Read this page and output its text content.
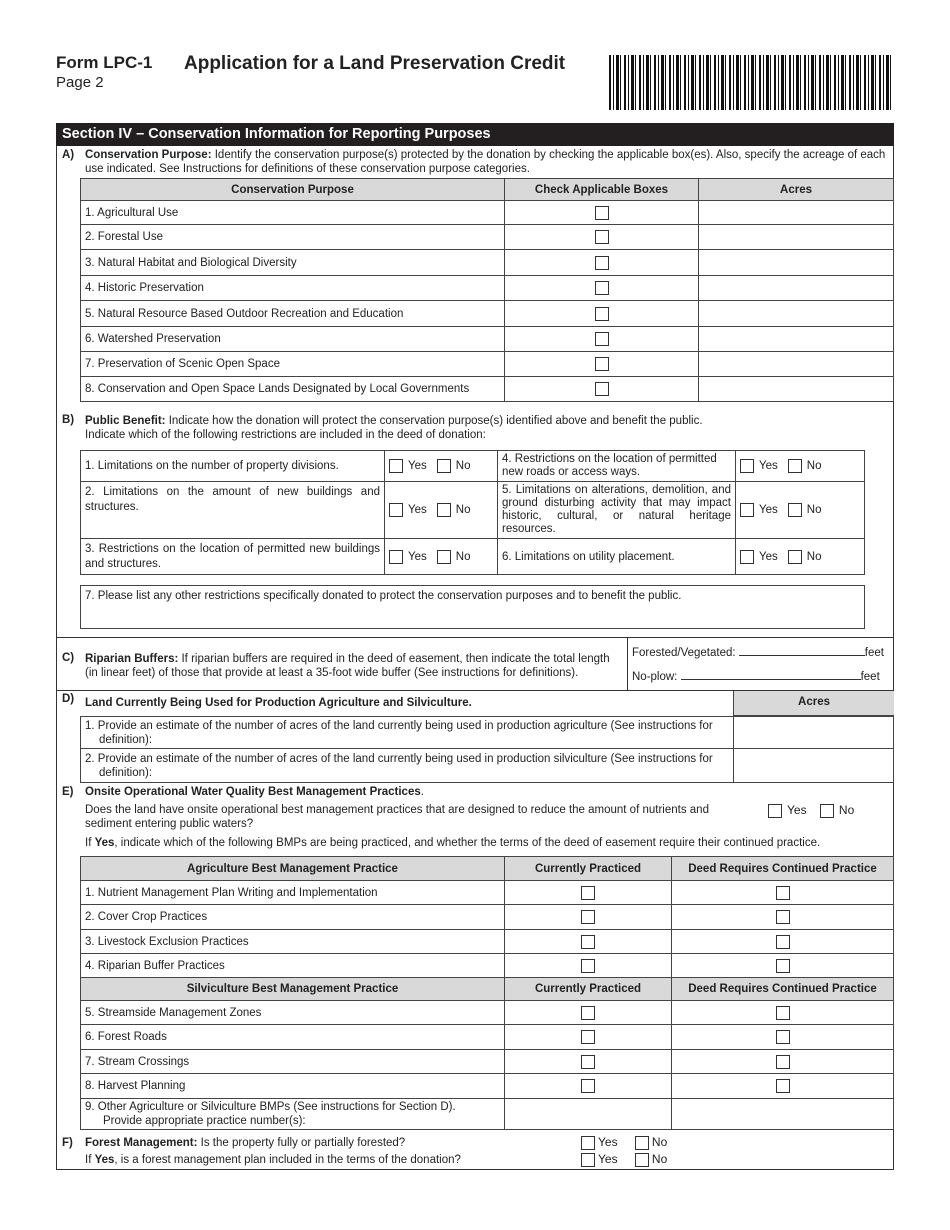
Form LPC-1
Page 2
Application for a Land Preservation Credit
Section IV – Conservation Information for Reporting Purposes
A) Conservation Purpose: Identify the conservation purpose(s) protected by the donation by checking the applicable box(es). Also, specify the acreage of each use indicated. See Instructions for definitions of these conservation purpose categories.
Conservation Purpose	Check Applicable Boxes	Acres
1. Agricultural Use		
2. Forestal Use		
3. Natural Habitat and Biological Diversity		
4. Historic Preservation		
5. Natural Resource Based Outdoor Recreation and Education		
6. Watershed Preservation		
7. Preservation of Scenic Open Space		
8. Conservation and Open Space Lands Designated by Local Governments		
B) Public Benefit: Indicate how the donation will protect the conservation purpose(s) identified above and benefit the public.
Indicate which of the following restrictions are included in the deed of donation:
1. Limitations on the number of property divisions.	Yes No	4. Restrictions on the location of permitted new roads or access ways.	Yes No
2. Limitations on the amount of new buildings and structures.	Yes No	5. Limitations on alterations, demolition, and ground disturbing activity that may impact historic, cultural, or natural heritage resources.	Yes No
3. Restrictions on the location of permitted new buildings and structures.	Yes No	6. Limitations on utility placement.	Yes No
7. Please list any other restrictions specifically donated to protect the conservation purposes and to benefit the public.
C) Riparian Buffers: If riparian buffers are required in the deed of easement, then indicate the total length (in linear feet) of those that provide at least a 35-foot wide buffer (See instructions for definitions).
Forested/Vegetated:	feet
No-plow:	feet
D) Land Currently Being Used for Production Agriculture and Silviculture.	Acres
1. Provide an estimate of the number of acres of the land currently being used in production agriculture (See instructions for definition):	
2. Provide an estimate of the number of acres of the land currently being used in production silviculture (See instructions for definition):	
E) Onsite Operational Water Quality Best Management Practices.
Does the land have onsite operational best management practices that are designed to reduce the amount of nutrients and sediment entering public waters?
Yes	No
If Yes, indicate which of the following BMPs are being practiced, and whether the terms of the deed of easement require their continued practice.
Agriculture Best Management Practice	Currently Practiced	Deed Requires Continued Practice
1. Nutrient Management Plan Writing and Implementation		
2. Cover Crop Practices		
3. Livestock Exclusion Practices		
4. Riparian Buffer Practices		
Silviculture Best Management Practice	Currently Practiced	Deed Requires Continued Practice
5. Streamside Management Zones		
6. Forest Roads		
7. Stream Crossings		
8. Harvest Planning		
9. Other Agriculture or Silviculture BMPs (See instructions for Section D).
Provide appropriate practice number(s):		
F) Forest Management: Is the property fully or partially forested?
If Yes, is a forest management plan included in the terms of the donation?
Yes	No
Yes	No
